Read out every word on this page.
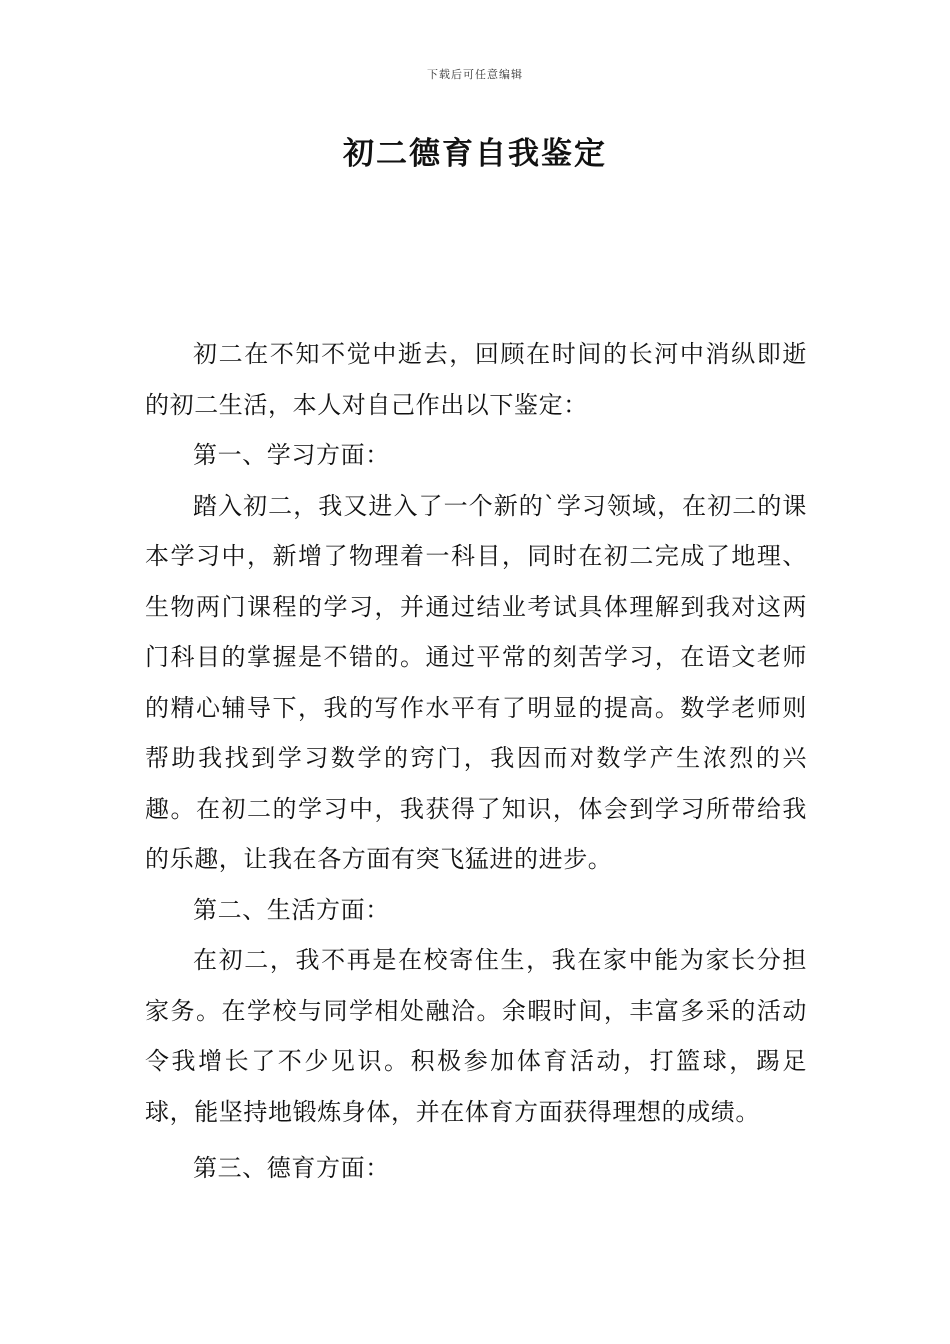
下载后可任意编辑
初二德育自我鉴定

初二在不知不觉中逝去，回顾在时间的长河中消纵即逝的初二生活，本人对自己作出以下鉴定：

第一、学习方面：

踏入初二，我又进入了一个新的`学习领域，在初二的课本学习中，新增了物理着一科目，同时在初二完成了地理、生物两门课程的学习，并通过结业考试具体理解到我对这两门科目的掌握是不错的。通过平常的刻苦学习，在语文老师的精心辅导下，我的写作水平有了明显的提高。数学老师则帮助我找到学习数学的窍门，我因而对数学产生浓烈的兴趣。在初二的学习中，我获得了知识，体会到学习所带给我的乐趣，让我在各方面有突飞猛进的进步。

第二、生活方面：

在初二，我不再是在校寄住生，我在家中能为家长分担家务。在学校与同学相处融洽。余暇时间，丰富多采的活动令我增长了不少见识。积极参加体育活动，打篮球，踢足球，能坚持地锻炼身体，并在体育方面获得理想的成绩。

第三、德育方面：
